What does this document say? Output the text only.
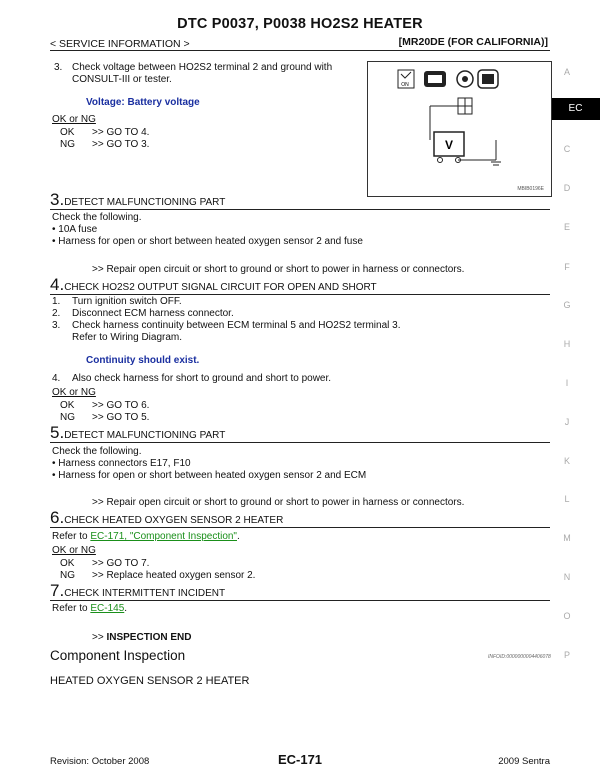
DTC P0037, P0038 HO2S2 HEATER
< SERVICE INFORMATION >	[MR20DE (FOR CALIFORNIA)]
A
EC
C
D
E
F
G
H
I
J
K
L
M
N
O
P
3. Check voltage between HO2S2 terminal 2 and ground with
CONSULT-III or tester.
Voltage: Battery voltage
OK or NG
OK >> GO TO 4.
NG >> GO TO 3.
ON
V
MBIB0196E
3.DETECT MALFUNCTIONING PART
Check the following.
• 10A fuse
• Harness for open or short between heated oxygen sensor 2 and fuse
>> Repair open circuit or short to ground or short to power in harness or connectors.
4.CHECK HO2S2 OUTPUT SIGNAL CIRCUIT FOR OPEN AND SHORT
1. Turn ignition switch OFF.
2. Disconnect ECM harness connector.
3. Check harness continuity between ECM terminal 5 and HO2S2 terminal 3.
Refer to Wiring Diagram.
Continuity should exist.
4. Also check harness for short to ground and short to power.
OK or NG
OK >> GO TO 6.
NG >> GO TO 5.
5.DETECT MALFUNCTIONING PART
Check the following.
• Harness connectors E17, F10
• Harness for open or short between heated oxygen sensor 2 and ECM
>> Repair open circuit or short to ground or short to power in harness or connectors.
6.CHECK HEATED OXYGEN SENSOR 2 HEATER
Refer to EC-171, "Component Inspection".
OK or NG
OK >> GO TO 7.
NG >> Replace heated oxygen sensor 2.
7.CHECK INTERMITTENT INCIDENT
Refer to EC-145.
>> INSPECTION END
Component Inspection	INFOID:0000000004406078
HEATED OXYGEN SENSOR 2 HEATER
Revision: October 2008	EC-171	2009 Sentra
